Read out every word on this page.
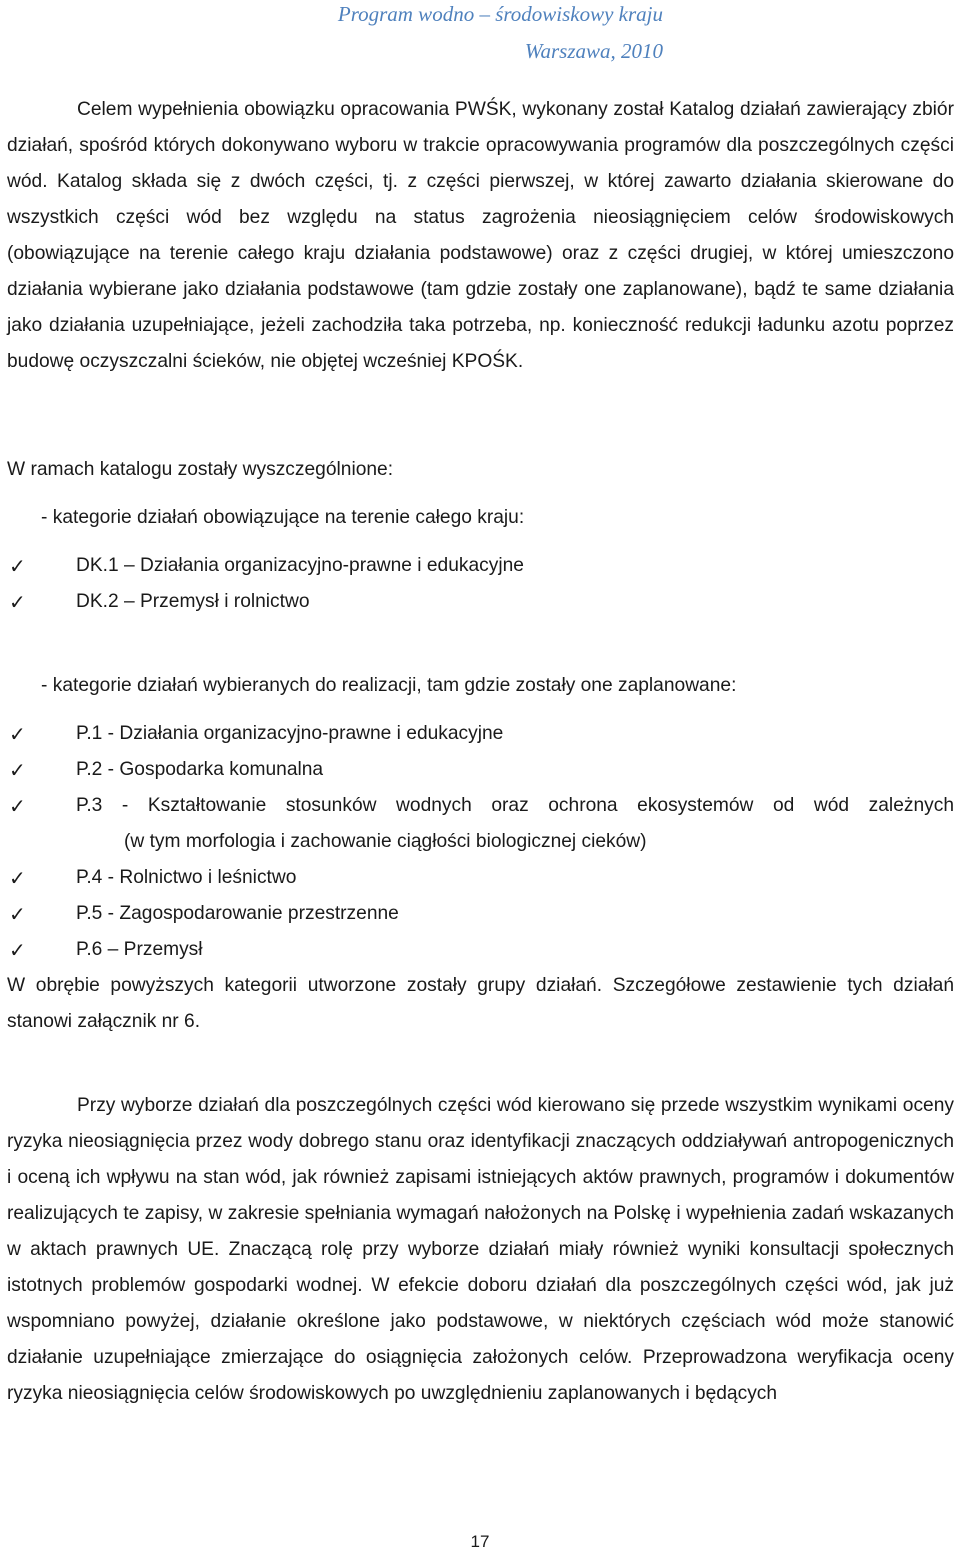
Program wodno – środowiskowy kraju
Warszawa, 2010

Celem wypełnienia obowiązku opracowania PWŚK, wykonany został Katalog działań zawierający zbiór działań, spośród których dokonywano wyboru w trakcie opracowywania programów dla poszczególnych części wód. Katalog składa się z dwóch części, tj. z części pierwszej, w której zawarto działania skierowane do wszystkich części wód bez względu na status zagrożenia nieosiągnięciem celów środowiskowych (obowiązujące na terenie całego kraju działania podstawowe) oraz z części drugiej, w której umieszczono działania wybierane jako działania podstawowe (tam gdzie zostały one zaplanowane), bądź te same działania jako działania uzupełniające, jeżeli zachodziła taka potrzeba, np. konieczność redukcji ładunku azotu poprzez budowę oczyszczalni ścieków, nie objętej wcześniej KPOŚK.

W ramach katalogu zostały wyszczególnione:

- kategorie działań obowiązujące na terenie całego kraju:

✓	DK.1 – Działania organizacyjno-prawne i edukacyjne
✓	DK.2 – Przemysł i rolnictwo

- kategorie działań wybieranych do realizacji, tam gdzie zostały one zaplanowane:

✓	P.1 - Działania organizacyjno-prawne i edukacyjne
✓	P.2 - Gospodarka komunalna
✓	P.3 - Kształtowanie stosunków wodnych oraz ochrona ekosystemów od wód zależnych
(w tym morfologia i zachowanie ciągłości biologicznej cieków)
✓	P.4 - Rolnictwo i leśnictwo
✓	P.5 - Zagospodarowanie przestrzenne
✓	P.6 – Przemysł

W obrębie powyższych kategorii utworzone zostały grupy działań. Szczegółowe zestawienie tych działań stanowi załącznik nr 6.

Przy wyborze działań dla poszczególnych części wód kierowano się przede wszystkim wynikami oceny ryzyka nieosiągnięcia przez wody dobrego stanu oraz identyfikacji znaczących oddziaływań antropogenicznych i oceną ich wpływu na stan wód, jak również zapisami istniejących aktów prawnych, programów i dokumentów realizujących te zapisy, w zakresie spełniania wymagań nałożonych na Polskę i wypełnienia zadań wskazanych w aktach prawnych UE. Znaczącą rolę przy wyborze działań miały również wyniki konsultacji społecznych istotnych problemów gospodarki wodnej. W efekcie doboru działań dla poszczególnych części wód, jak już wspomniano powyżej, działanie określone jako podstawowe, w niektórych częściach wód może stanowić działanie uzupełniające zmierzające do osiągnięcia założonych celów. Przeprowadzona weryfikacja oceny ryzyka nieosiągnięcia celów środowiskowych po uwzględnieniu zaplanowanych i będących

17
